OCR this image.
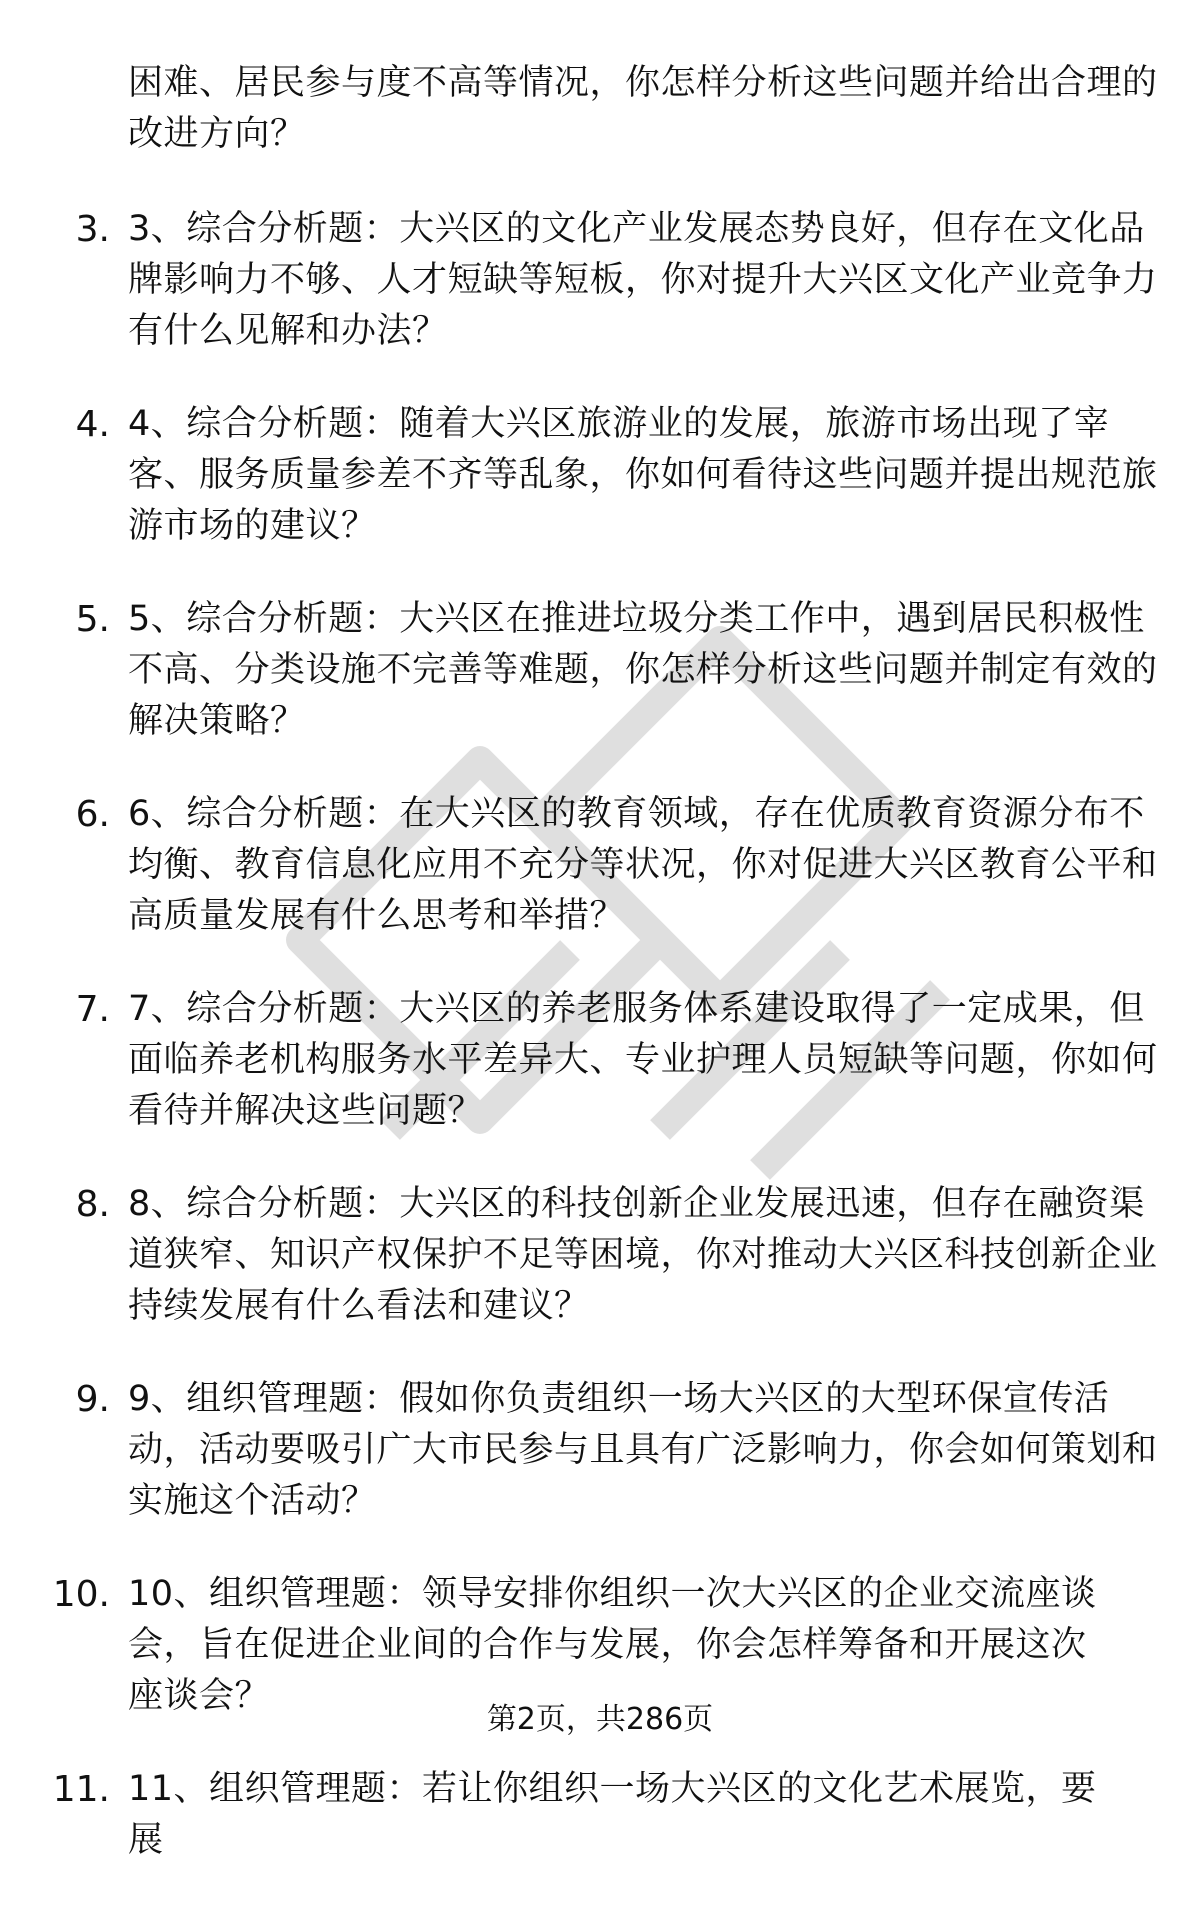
困难、居民参与度不高等情况，你怎样分析这些问题并给出合理的改进方向？
3. 3、综合分析题：大兴区的文化产业发展态势良好，但存在文化品牌影响力不够、人才短缺等短板，你对提升大兴区文化产业竞争力有什么见解和办法？
4. 4、综合分析题：随着大兴区旅游业的发展，旅游市场出现了宰客、服务质量参差不齐等乱象，你如何看待这些问题并提出规范旅游市场的建议？
5. 5、综合分析题：大兴区在推进垃圾分类工作中，遇到居民积极性不高、分类设施不完善等难题，你怎样分析这些问题并制定有效的解决策略？
6. 6、综合分析题：在大兴区的教育领域，存在优质教育资源分布不均衡、教育信息化应用不充分等状况，你对促进大兴区教育公平和高质量发展有什么思考和举措？
7. 7、综合分析题：大兴区的养老服务体系建设取得了一定成果，但面临养老机构服务水平差异大、专业护理人员短缺等问题，你如何看待并解决这些问题？
8. 8、综合分析题：大兴区的科技创新企业发展迅速，但存在融资渠道狭窄、知识产权保护不足等困境，你对推动大兴区科技创新企业持续发展有什么看法和建议？
9. 9、组织管理题：假如你负责组织一场大兴区的大型环保宣传活动，活动要吸引广大市民参与且具有广泛影响力，你会如何策划和实施这个活动？
10. 10、组织管理题：领导安排你组织一次大兴区的企业交流座谈会，旨在促进企业间的合作与发展，你会怎样筹备和开展这次座谈会？
11. 11、组织管理题：若让你组织一场大兴区的文化艺术展览，要展
第2页，共286页
